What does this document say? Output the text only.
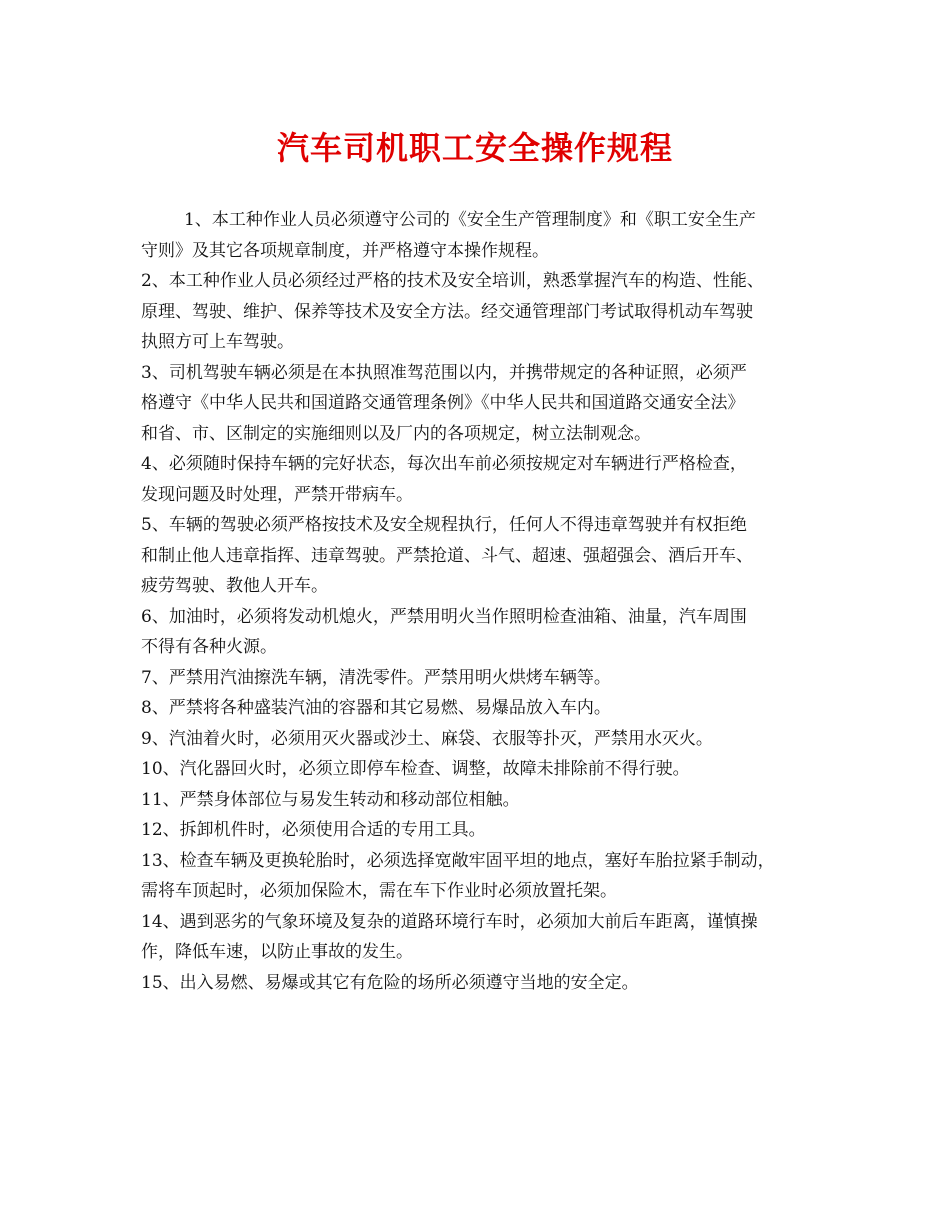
汽车司机职工安全操作规程

1、本工种作业人员必须遵守公司的《安全生产管理制度》和《职工安全生产

守则》及其它各项规章制度，并严格遵守本操作规程。

2、本工种作业人员必须经过严格的技术及安全培训，熟悉掌握汽车的构造、性能、

原理、驾驶、维护、保养等技术及安全方法。经交通管理部门考试取得机动车驾驶

执照方可上车驾驶。

3、司机驾驶车辆必须是在本执照准驾范围以内，并携带规定的各种证照，必须严

格遵守《中华人民共和国道路交通管理条例》《中华人民共和国道路交通安全法》

和省、市、区制定的实施细则以及厂内的各项规定，树立法制观念。

4、必须随时保持车辆的完好状态，每次出车前必须按规定对车辆进行严格检查，

发现问题及时处理，严禁开带病车。

5、车辆的驾驶必须严格按技术及安全规程执行，任何人不得违章驾驶并有权拒绝

和制止他人违章指挥、违章驾驶。严禁抢道、斗气、超速、强超强会、酒后开车、

疲劳驾驶、教他人开车。

6、加油时，必须将发动机熄火，严禁用明火当作照明检查油箱、油量，汽车周围

不得有各种火源。

7、严禁用汽油擦洗车辆，清洗零件。严禁用明火烘烤车辆等。

8、严禁将各种盛装汽油的容器和其它易燃、易爆品放入车内。

9、汽油着火时，必须用灭火器或沙土、麻袋、衣服等扑灭，严禁用水灭火。

10、汽化器回火时，必须立即停车检查、调整，故障未排除前不得行驶。

11、严禁身体部位与易发生转动和移动部位相触。

12、拆卸机件时，必须使用合适的专用工具。

13、检查车辆及更换轮胎时，必须选择宽敞牢固平坦的地点，塞好车胎拉紧手制动，

需将车顶起时，必须加保险木，需在车下作业时必须放置托架。

14、遇到恶劣的气象环境及复杂的道路环境行车时，必须加大前后车距离，谨慎操

作，降低车速，以防止事故的发生。

15、出入易燃、易爆或其它有危险的场所必须遵守当地的安全定。
